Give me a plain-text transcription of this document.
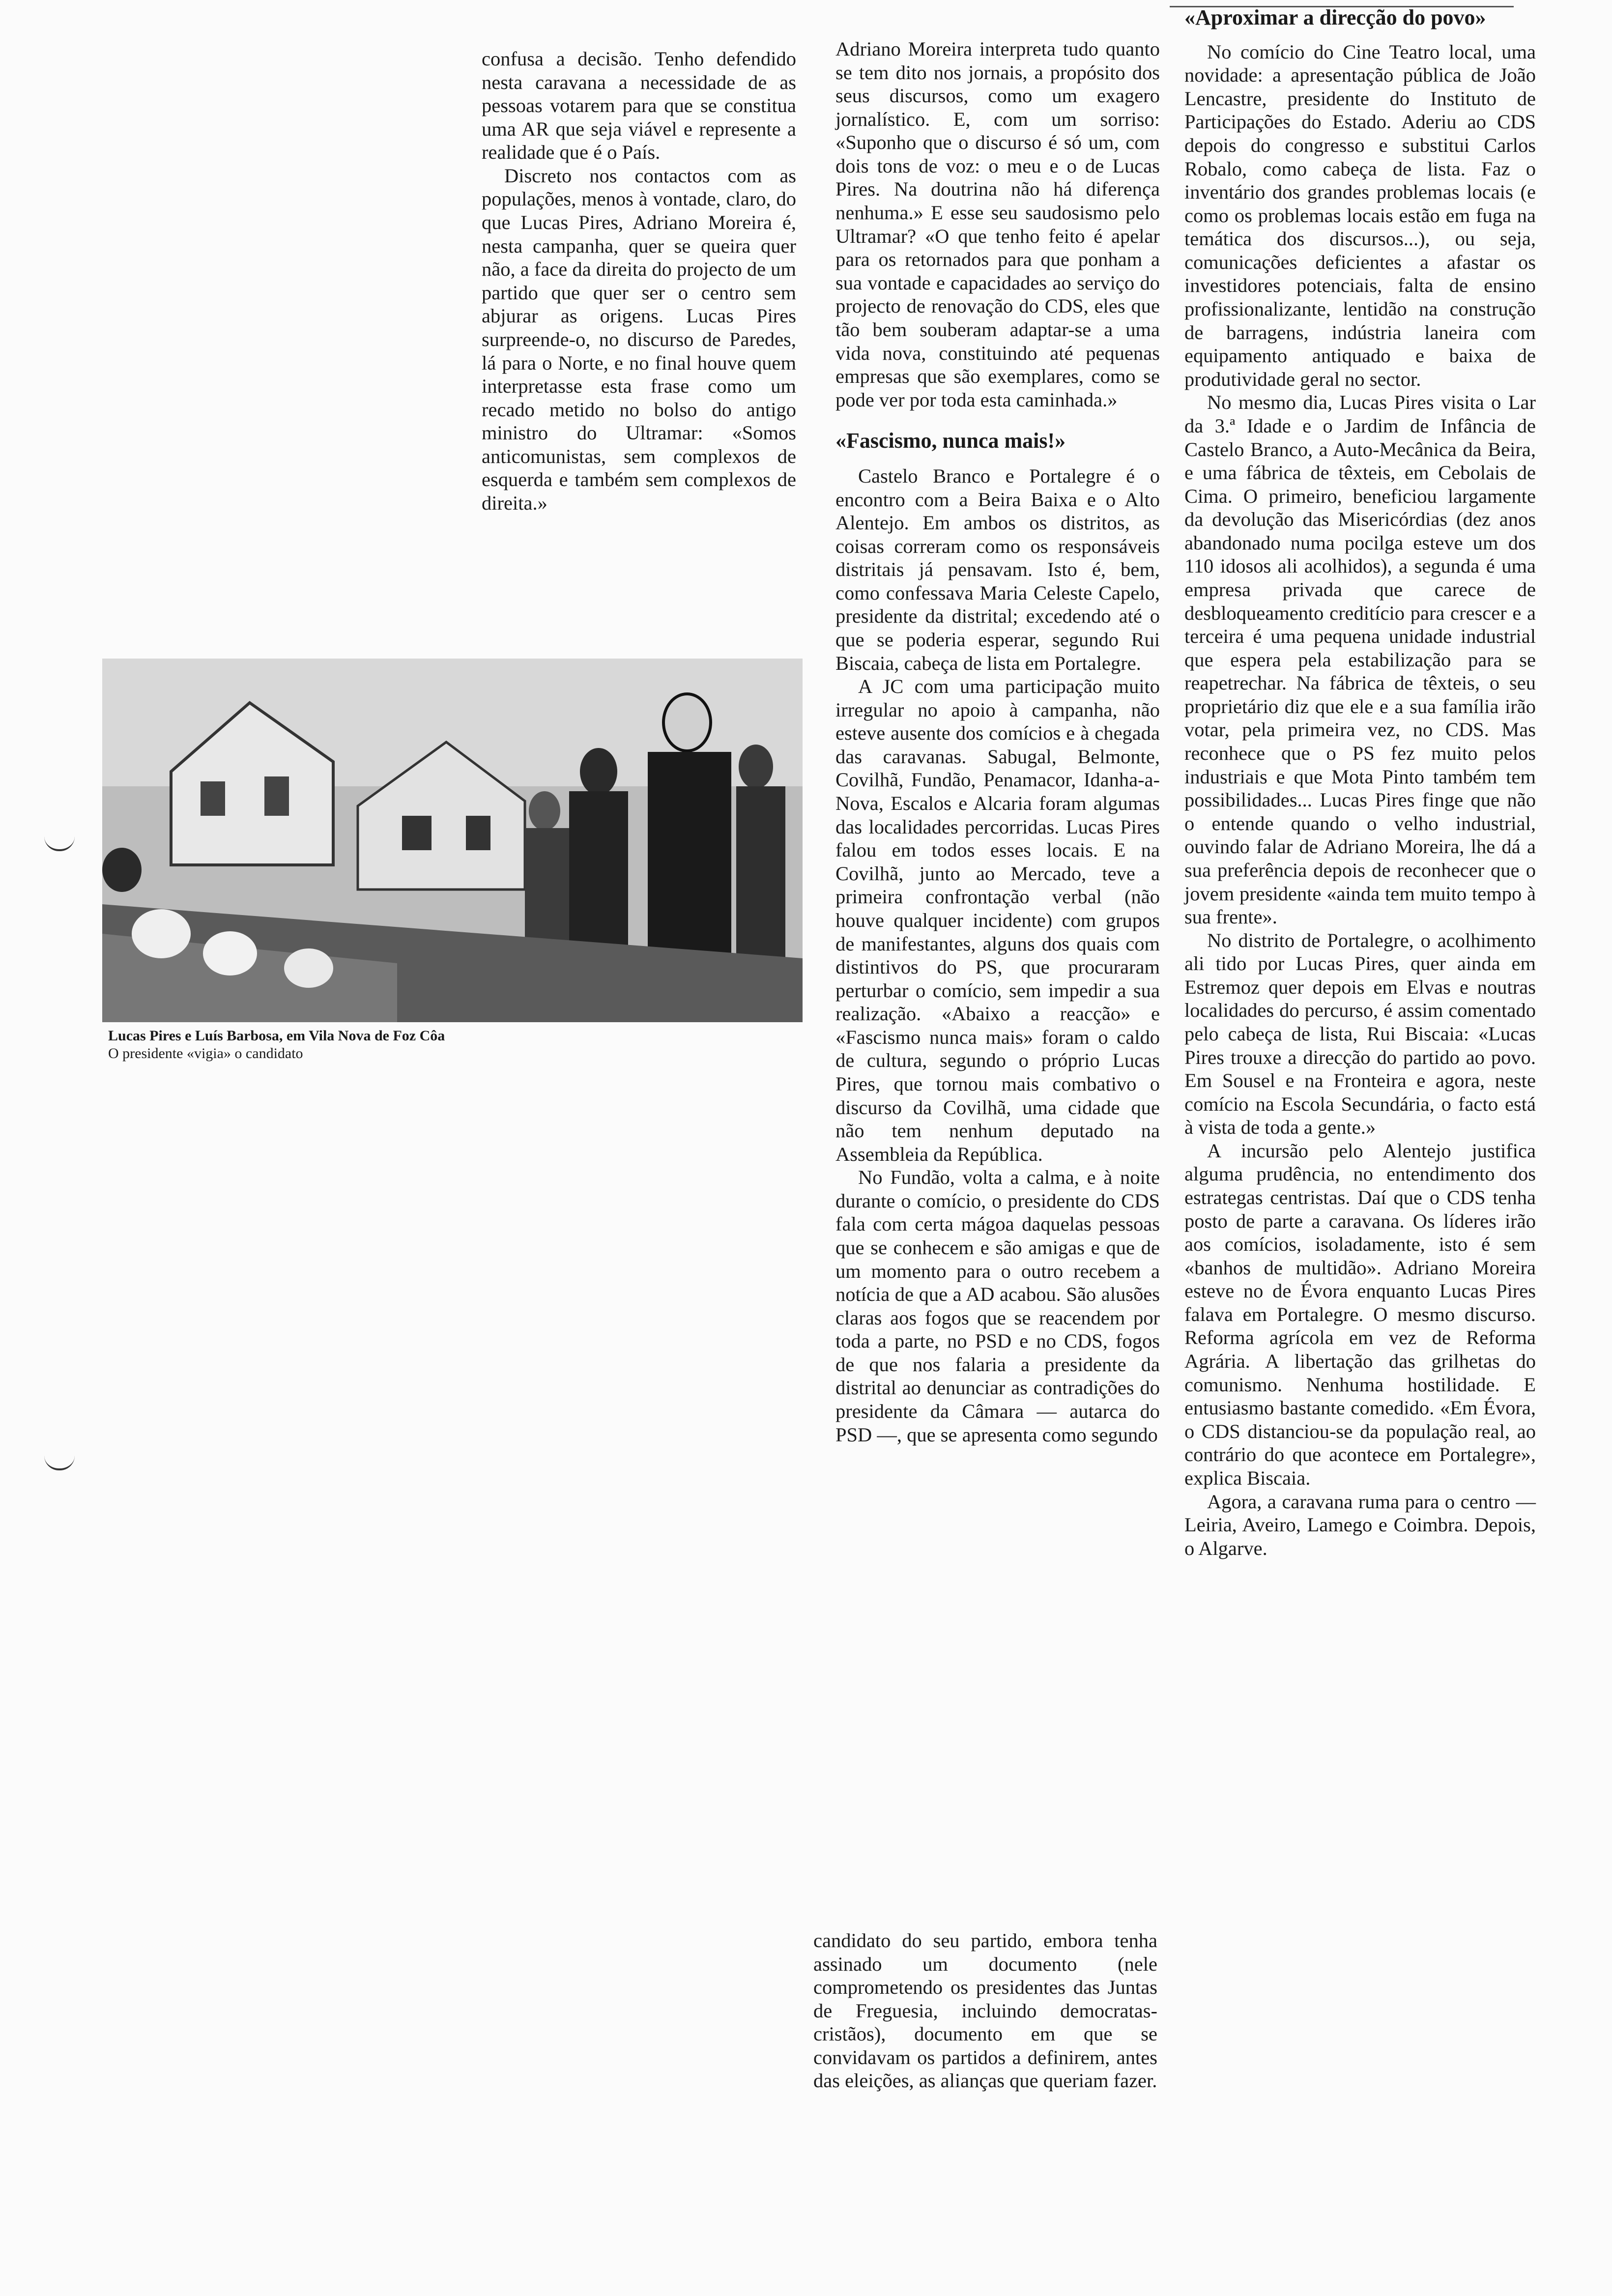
confusa a decisão. Tenho defendido nesta caravana a necessidade de as pessoas votarem para que se constitua uma AR que seja viável e represente a realidade que é o País.

Discreto nos contactos com as populações, menos à vontade, claro, do que Lucas Pires, Adriano Moreira é, nesta campanha, quer se queira quer não, a face da direita do projecto de um partido que quer ser o centro sem abjurar as origens. Lucas Pires surpreende-o, no discurso de Paredes, lá para o Norte, e no final houve quem interpretasse esta frase como um recado metido no bolso do antigo ministro do Ultramar: «Somos anticomunistas, sem complexos de esquerda e também sem complexos de direita.»

Lucas Pires e Luís Barbosa, em Vila Nova de Foz Côa
O presidente «vigia» o candidato

Adriano Moreira interpreta tudo quanto se tem dito nos jornais, a propósito dos seus discursos, como um exagero jornalístico. E, com um sorriso: «Suponho que o discurso é só um, com dois tons de voz: o meu e o de Lucas Pires. Na doutrina não há diferença nenhuma.» E esse seu saudosismo pelo Ultramar? «O que tenho feito é apelar para os retornados para que ponham a sua vontade e capacidades ao serviço do projecto de renovação do CDS, eles que tão bem souberam adaptar-se a uma vida nova, constituindo até pequenas empresas que são exemplares, como se pode ver por toda esta caminhada.»

«Fascismo, nunca mais!»

Castelo Branco e Portalegre é o encontro com a Beira Baixa e o Alto Alentejo. Em ambos os distritos, as coisas correram como os responsáveis distritais já pensavam. Isto é, bem, como confessava Maria Celeste Capelo, presidente da distrital; excedendo até o que se poderia esperar, segundo Rui Biscaia, cabeça de lista em Portalegre.

A JC com uma participação muito irregular no apoio à campanha, não esteve ausente dos comícios e à chegada das caravanas. Sabugal, Belmonte, Covilhã, Fundão, Penamacor, Idanha-a-Nova, Escalos e Alcaria foram algumas das localidades percorridas. Lucas Pires falou em todos esses locais. E na Covilhã, junto ao Mercado, teve a primeira confrontação verbal (não houve qualquer incidente) com grupos de manifestantes, alguns dos quais com distintivos do PS, que procuraram perturbar o comício, sem impedir a sua realização. «Abaixo a reacção» e «Fascismo nunca mais» foram o caldo de cultura, segundo o próprio Lucas Pires, que tornou mais combativo o discurso da Covilhã, uma cidade que não tem nenhum deputado na Assembleia da República.

No Fundão, volta a calma, e à noite durante o comício, o presidente do CDS fala com certa mágoa daquelas pessoas que se conhecem e são amigas e que de um momento para o outro recebem a notícia de que a AD acabou. São alusões claras aos fogos que se reacendem por toda a parte, no PSD e no CDS, fogos de que nos falaria a presidente da distrital ao denunciar as contradições do presidente da Câmara — autarca do PSD —, que se apresenta como segundo

candidato do seu partido, embora tenha assinado um documento (nele comprometendo os presidentes das Juntas de Freguesia, incluindo democratas-cristãos), documento em que se convidavam os partidos a definirem, antes das eleições, as alianças que queriam fazer.

«Aproximar a direcção do povo»

No comício do Cine Teatro local, uma novidade: a apresentação pública de João Lencastre, presidente do Instituto de Participações do Estado. Aderiu ao CDS depois do congresso e substitui Carlos Robalo, como cabeça de lista. Faz o inventário dos grandes problemas locais (e como os problemas locais estão em fuga na temática dos discursos...), ou seja, comunicações deficientes a afastar os investidores potenciais, falta de ensino profissionalizante, lentidão na construção de barragens, indústria laneira com equipamento antiquado e baixa de produtividade geral no sector.

No mesmo dia, Lucas Pires visita o Lar da 3.ª Idade e o Jardim de Infância de Castelo Branco, a Auto-Mecânica da Beira, e uma fábrica de têxteis, em Cebolais de Cima. O primeiro, beneficiou largamente da devolução das Misericórdias (dez anos abandonado numa pocilga esteve um dos 110 idosos ali acolhidos), a segunda é uma empresa privada que carece de desbloqueamento creditício para crescer e a terceira é uma pequena unidade industrial que espera pela estabilização para se reapetrechar. Na fábrica de têxteis, o seu proprietário diz que ele e a sua família irão votar, pela primeira vez, no CDS. Mas reconhece que o PS fez muito pelos industriais e que Mota Pinto também tem possibilidades... Lucas Pires finge que não o entende quando o velho industrial, ouvindo falar de Adriano Moreira, lhe dá a sua preferência depois de reconhecer que o jovem presidente «ainda tem muito tempo à sua frente».

No distrito de Portalegre, o acolhimento ali tido por Lucas Pires, quer ainda em Estremoz quer depois em Elvas e noutras localidades do percurso, é assim comentado pelo cabeça de lista, Rui Biscaia: «Lucas Pires trouxe a direcção do partido ao povo. Em Sousel e na Fronteira e agora, neste comício na Escola Secundária, o facto está à vista de toda a gente.»

A incursão pelo Alentejo justifica alguma prudência, no entendimento dos estrategas centristas. Daí que o CDS tenha posto de parte a caravana. Os líderes irão aos comícios, isoladamente, isto é sem «banhos de multidão». Adriano Moreira esteve no de Évora enquanto Lucas Pires falava em Portalegre. O mesmo discurso. Reforma agrícola em vez de Reforma Agrária. A libertação das grilhetas do comunismo. Nenhuma hostilidade. E entusiasmo bastante comedido. «Em Évora, o CDS distanciou-se da população real, ao contrário do que acontece em Portalegre», explica Biscaia.

Agora, a caravana ruma para o centro — Leiria, Aveiro, Lamego e Coimbra. Depois, o Algarve.
